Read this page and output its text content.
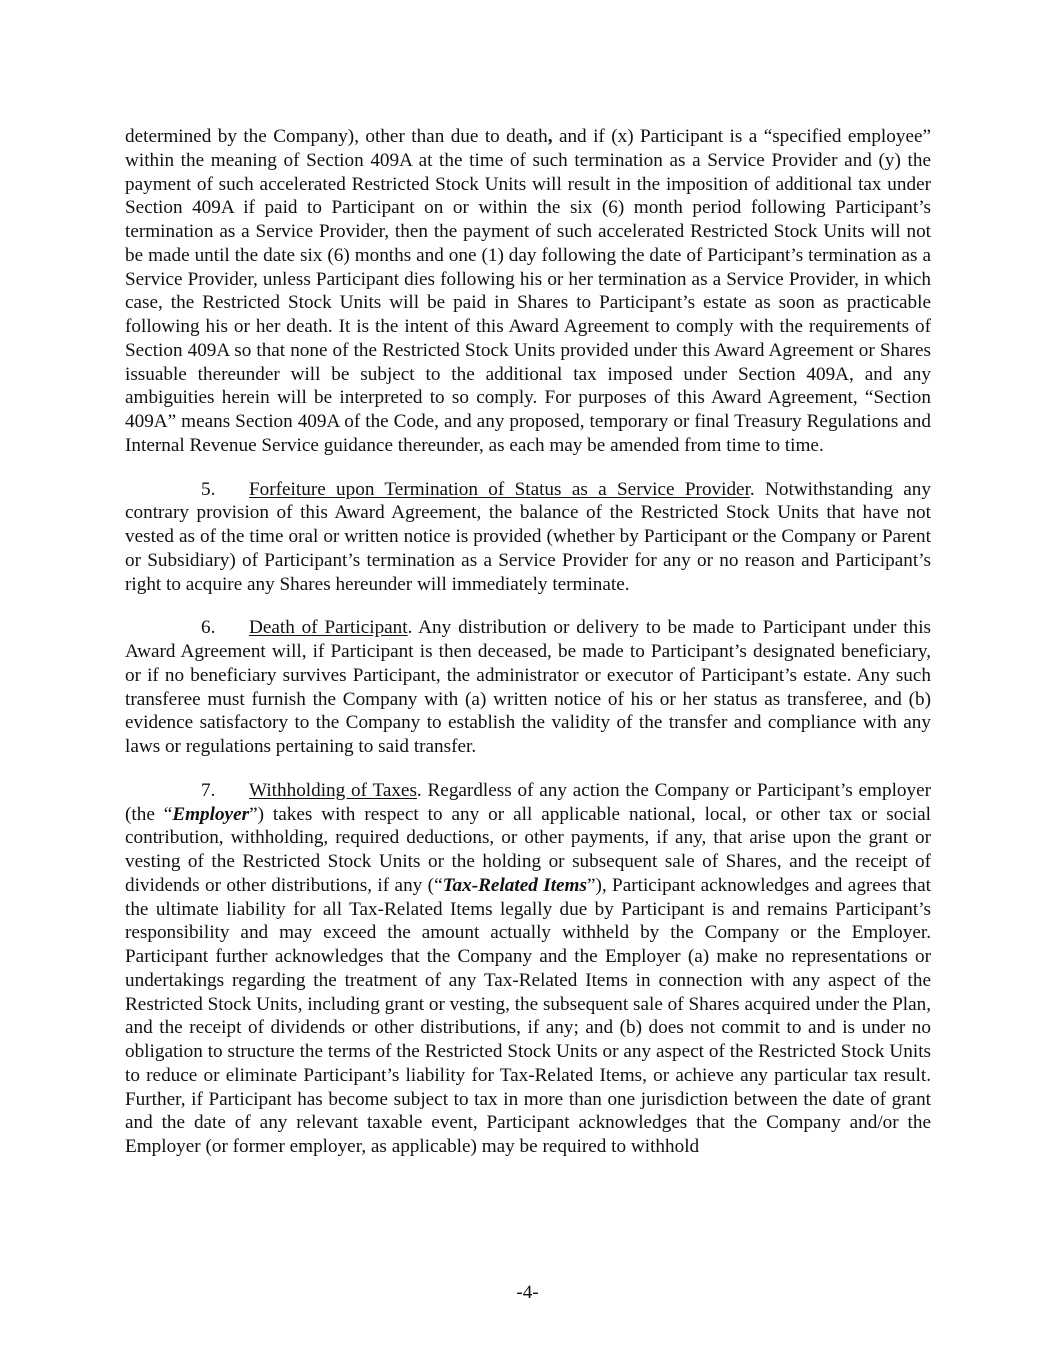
determined by the Company), other than due to death, and if (x) Participant is a “specified employee” within the meaning of Section 409A at the time of such termination as a Service Provider and (y) the payment of such accelerated Restricted Stock Units will result in the imposition of additional tax under Section 409A if paid to Participant on or within the six (6) month period following Participant’s termination as a Service Provider, then the payment of such accelerated Restricted Stock Units will not be made until the date six (6) months and one (1) day following the date of Participant’s termination as a Service Provider, unless Participant dies following his or her termination as a Service Provider, in which case, the Restricted Stock Units will be paid in Shares to Participant’s estate as soon as practicable following his or her death. It is the intent of this Award Agreement to comply with the requirements of Section 409A so that none of the Restricted Stock Units provided under this Award Agreement or Shares issuable thereunder will be subject to the additional tax imposed under Section 409A, and any ambiguities herein will be interpreted to so comply. For purposes of this Award Agreement, “Section 409A” means Section 409A of the Code, and any proposed, temporary or final Treasury Regulations and Internal Revenue Service guidance thereunder, as each may be amended from time to time.

5. Forfeiture upon Termination of Status as a Service Provider. Notwithstanding any contrary provision of this Award Agreement, the balance of the Restricted Stock Units that have not vested as of the time oral or written notice is provided (whether by Participant or the Company or Parent or Subsidiary) of Participant’s termination as a Service Provider for any or no reason and Participant’s right to acquire any Shares hereunder will immediately terminate.

6. Death of Participant. Any distribution or delivery to be made to Participant under this Award Agreement will, if Participant is then deceased, be made to Participant’s designated beneficiary, or if no beneficiary survives Participant, the administrator or executor of Participant’s estate. Any such transferee must furnish the Company with (a) written notice of his or her status as transferee, and (b) evidence satisfactory to the Company to establish the validity of the transfer and compliance with any laws or regulations pertaining to said transfer.

7. Withholding of Taxes. Regardless of any action the Company or Participant’s employer (the “Employer”) takes with respect to any or all applicable national, local, or other tax or social contribution, withholding, required deductions, or other payments, if any, that arise upon the grant or vesting of the Restricted Stock Units or the holding or subsequent sale of Shares, and the receipt of dividends or other distributions, if any (“Tax-Related Items”), Participant acknowledges and agrees that the ultimate liability for all Tax-Related Items legally due by Participant is and remains Participant’s responsibility and may exceed the amount actually withheld by the Company or the Employer. Participant further acknowledges that the Company and the Employer (a) make no representations or undertakings regarding the treatment of any Tax-Related Items in connection with any aspect of the Restricted Stock Units, including grant or vesting, the subsequent sale of Shares acquired under the Plan, and the receipt of dividends or other distributions, if any; and (b) does not commit to and is under no obligation to structure the terms of the Restricted Stock Units or any aspect of the Restricted Stock Units to reduce or eliminate Participant’s liability for Tax-Related Items, or achieve any particular tax result. Further, if Participant has become subject to tax in more than one jurisdiction between the date of grant and the date of any relevant taxable event, Participant acknowledges that the Company and/or the Employer (or former employer, as applicable) may be required to withhold

-4-
